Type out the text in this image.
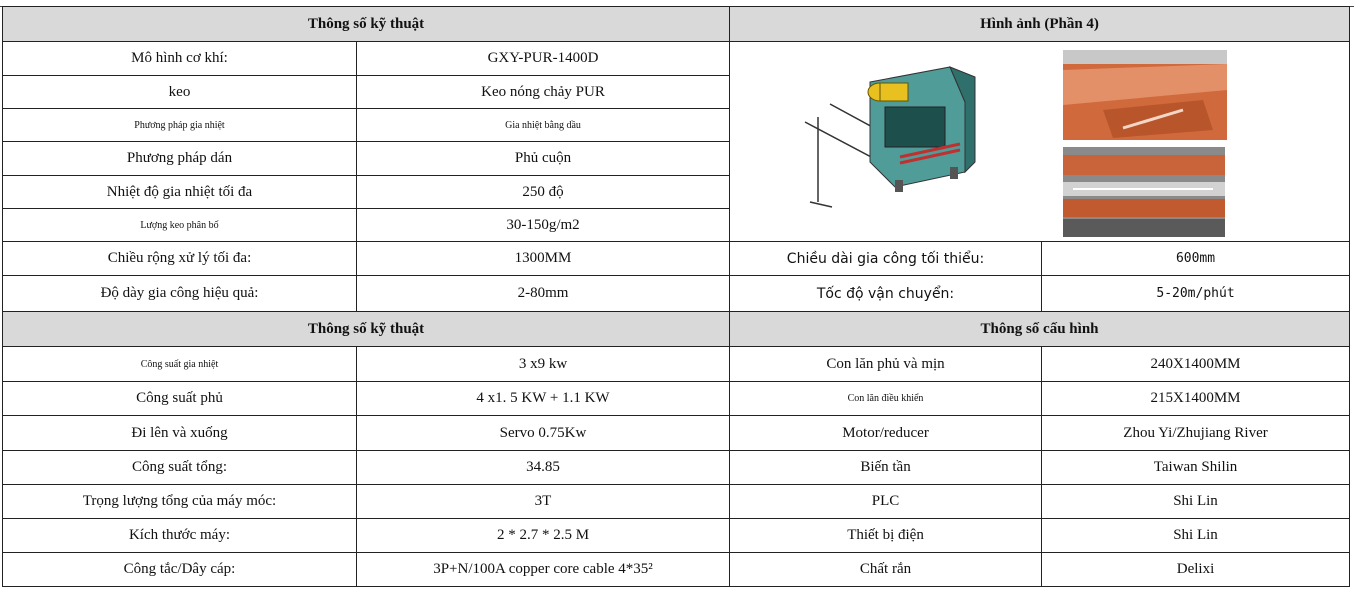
Thông số kỹ thuật		Hình ảnh (Phần 4)	
Mô hình cơ khí:	GXY-PUR-1400D	

keo	Keo nóng chảy PUR		
Phương pháp gia nhiệt	Gia nhiệt bằng dầu		
Phương pháp dán	Phủ cuộn		
Nhiệt độ gia nhiệt tối đa	250 độ		
Lượng keo phân bố	30-150g/m2		
Chiều rộng xử lý tối đa:	1300MM	Chiều dài gia công tối thiểu:	600mm
Độ dày gia công hiệu quả:	2-80mm	Tốc độ vận chuyển:	5-20m/phút
Thông số kỹ thuật		Thông số cấu hình	
Công suất gia nhiệt	3 x9 kw	Con lăn phủ và mịn	240X1400MM
Công suất phủ	4 x1. 5 KW + 1.1 KW	Con lăn điều khiển	215X1400MM
Đi lên và xuống	Servo 0.75Kw	Motor/reducer	Zhou Yi/Zhujiang River
Công suất tổng:	34.85	Biến tần	Taiwan Shilin
Trọng lượng tổng của máy móc:	3T	PLC	Shi Lin
Kích thước máy:	2 * 2.7 * 2.5 M	Thiết bị điện	Shi Lin
Công tắc/Dây cáp:	3P+N/100A copper core cable 4*35²	Chất rắn	Delixi
